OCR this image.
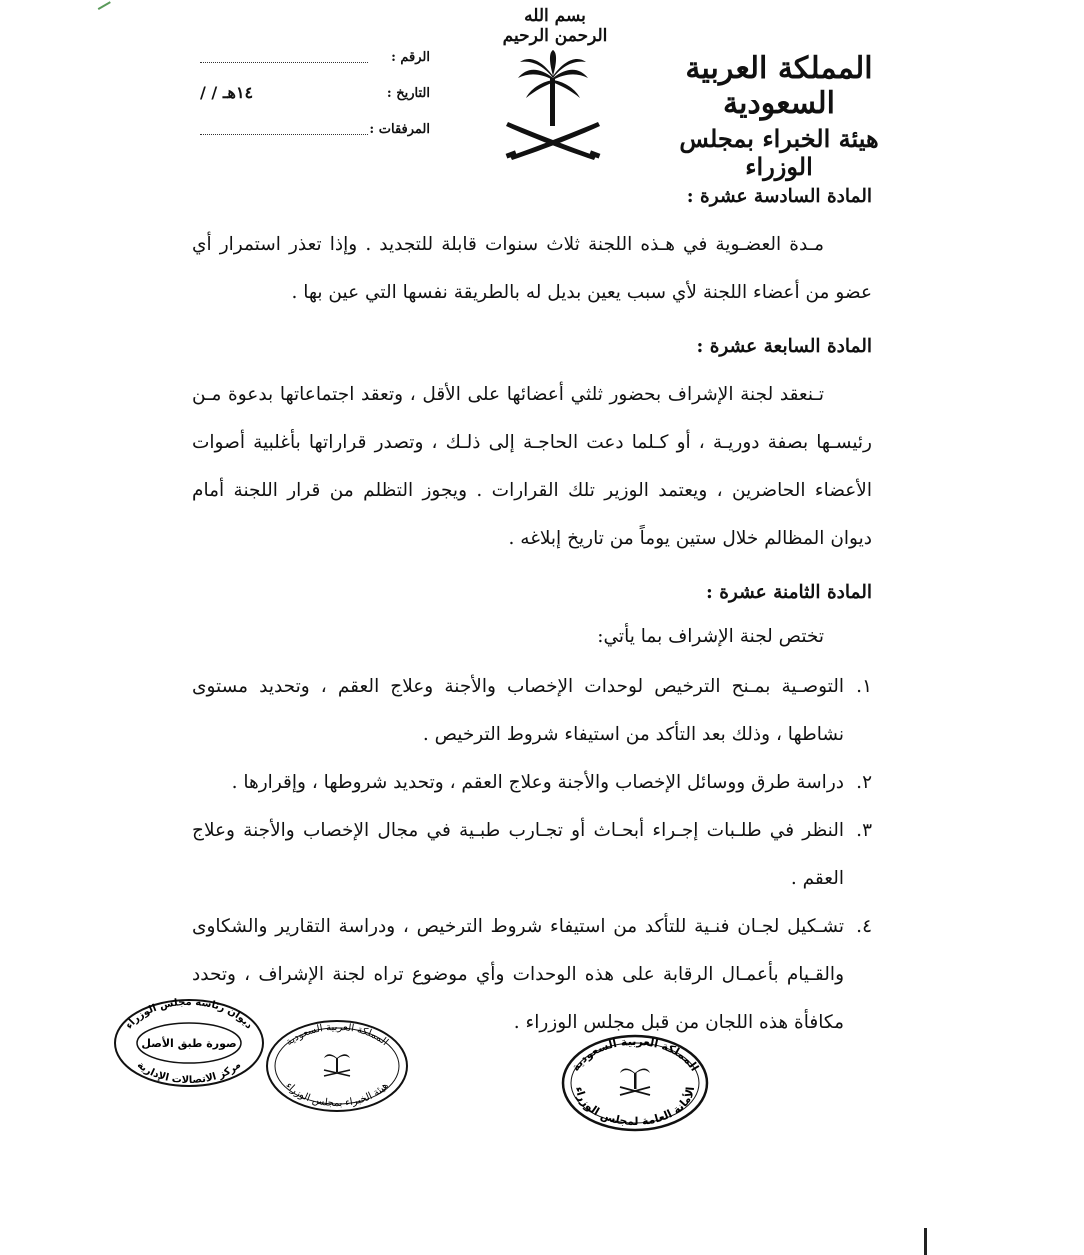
بسم الله الرحمن الرحيم
المملكة العربية السعودية
هيئة الخبراء بمجلس الوزراء
الرقم :
التاريخ :
/ / ١٤هـ
المرفقات :

المادة السادسة عشرة :

مـدة العضـوية في هـذه اللجنة ثلاث سنوات قابلة للتجديد . وإذا تعذر استمرار أي عضو من أعضاء اللجنة لأي سبب يعين بديل له بالطريقة نفسها التي عين بها .

المادة السابعة عشرة :

تـنعقد لجنة الإشراف بحضور ثلثي أعضائها على الأقل ، وتعقد اجتماعاتها بدعوة مـن رئيسـها بصفة دوريـة ، أو كـلما دعت الحاجـة إلى ذلـك ، وتصدر قراراتها بأغلبية أصوات الأعضاء الحاضرين ، ويعتمد الوزير تلك القرارات . ويجوز التظلم من قرار اللجنة أمام ديوان المظالم خلال ستين يوماً من تاريخ إبلاغه .

المادة الثامنة عشرة :

تختص لجنة الإشراف بما يأتي:

١.
التوصـية بمـنح الترخيص لوحدات الإخصاب والأجنة وعلاج العقم ، وتحديد مستوى نشاطها ، وذلك بعد التأكد من استيفاء شروط الترخيص .
٢.
دراسة طرق ووسائل الإخصاب والأجنة وعلاج العقم ، وتحديد شروطها ، وإقرارها .
٣.
النظر في طلـبات إجـراء أبحـاث أو تجـارب طبـية في مجال الإخصاب والأجنة وعلاج العقم .
٤.
تشـكيل لجـان فنـية للتأكد من استيفاء شروط الترخيص ، ودراسة التقارير والشكاوى والقـيام بأعمـال الرقابة على هذه الوحدات وأي موضوع تراه لجنة الإشراف ، وتحدد مكافأة هذه اللجان من قبل مجلس الوزراء .
ديوان رئاسة مجلس الوزراء
صورة طبق الأصل
مركز الاتصالات الإدارية
المملكة العربية السعودية
هيئة الخبراء بمجلس الوزراء
المملكة العربية السعودية
الأمانة العامة لمجلس الوزراء
